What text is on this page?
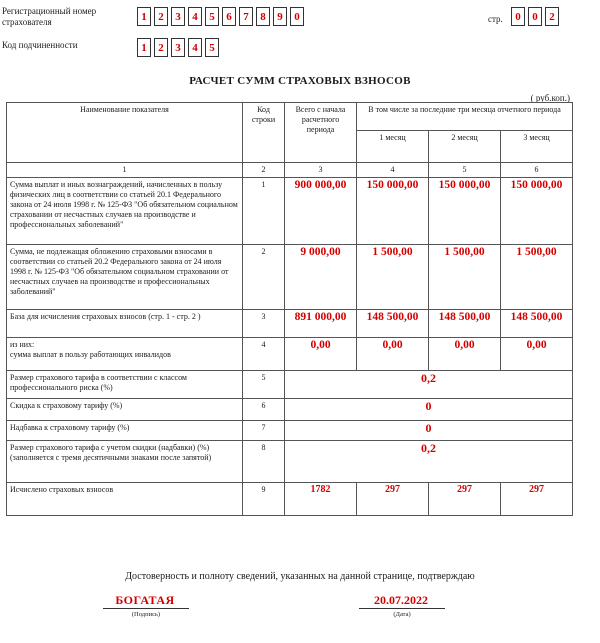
Регистрационный номер страхователя	1	2	3	4	5	6	7	8	9	0	стр.	0	0	2
Код подчиненности	1	2	3	4	5
РАСЧЕТ СУММ СТРАХОВЫХ ВЗНОСОВ
( руб.коп.)
Наименование показателя	Код строки	Всего с начала расчетного периода	В том числе за последние три месяца отчетного периода		
			1 месяц	2 месяц	3 месяц
1	2	3	4	5	6
Сумма выплат и иных вознаграждений, начисленных в пользу физических лиц в соответствии со статьей 20.1 Федерального закона от 24 июля 1998 г. № 125-ФЗ "Об обязательном социальном страховании от несчастных случаев на производстве и профессиональных заболеваний"	1	900 000,00	150 000,00	150 000,00	150 000,00
Сумма, не подлежащая обложению страховыми взносами в соответствии со статьей 20.2 Федерального закона от 24 июля 1998 г. № 125-ФЗ "Об обязательном социальном страховании от несчастных случаев на производстве и профессиональных заболеваний"	2	9 000,00	1 500,00	1 500,00	1 500,00
База для исчисления страховых взносов (стр. 1 - стр. 2 )	3	891 000,00	148 500,00	148 500,00	148 500,00

из них:
сумма выплат в пользу работающих инвалидов	4	0,00	0,00	0,00	0,00
Размер страхового тарифа в соответствии с классом профессионального риска (%)	5	0,2			
Скидка к страховому тарифу (%)	6	0			
Надбавка к страховому тарифу (%)	7	0			
Размер страхового тарифа с учетом скидки (надбавки) (%) (заполняется с тремя десятичными знаками после запятой)	8	0,2			
Исчислено страховых взносов	9	1782	297	297	297
Достоверность и полноту сведений, указанных на данной странице, подтверждаю
БОГАТАЯ
(Подпись)
20.07.2022
(Дата)
